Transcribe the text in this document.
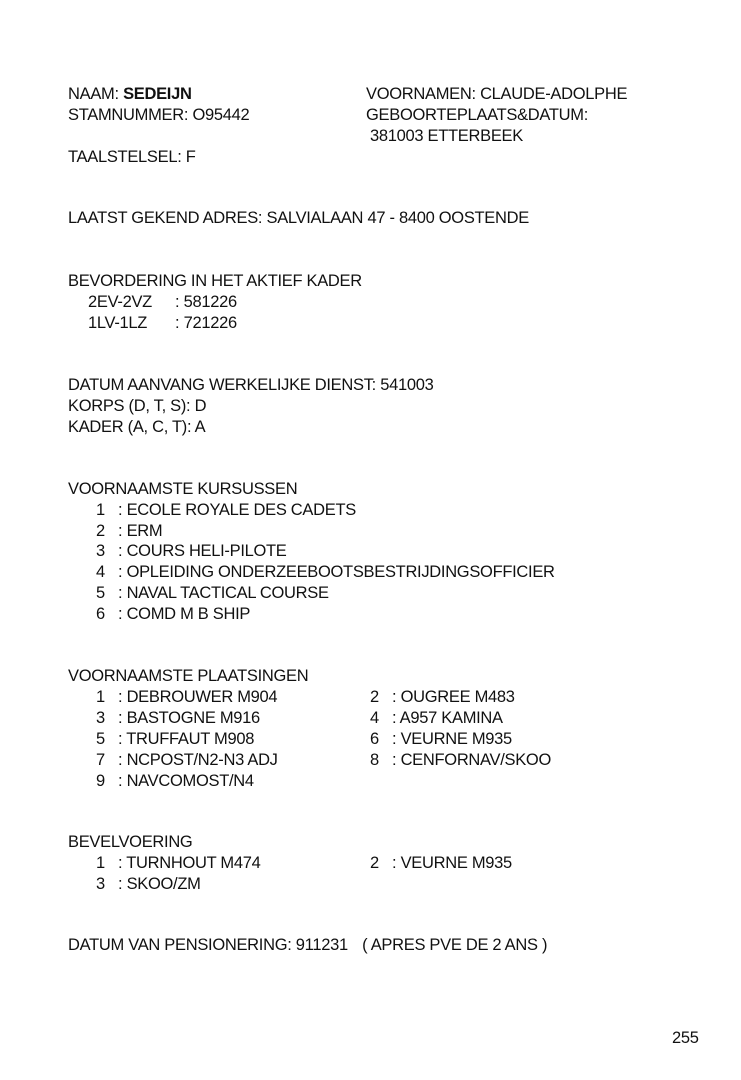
NAAM: SEDEIJN	VOORNAMEN: CLAUDE-ADOLPHE
STAMNUMMER: O95442	GEBOORTEPLAATS&DATUM:
381003 ETTERBEEK
TAALSTELSEL: F
LAATST GEKEND ADRES: SALVIALAAN 47 - 8400 OOSTENDE
BEVORDERING IN HET AKTIEF KADER
2EV-2VZ : 581226
1LV-1LZ : 721226
DATUM AANVANG WERKELIJKE DIENST: 541003
KORPS (D, T, S): D
KADER (A, C, T): A
VOORNAAMSTE KURSUSSEN
1 : ECOLE ROYALE DES CADETS
2 : ERM
3 : COURS HELI-PILOTE
4 : OPLEIDING ONDERZEEBOOTSBESTRIJDINGSOFFICIER
5 : NAVAL TACTICAL COURSE
6 : COMD M B SHIP
VOORNAAMSTE PLAATSINGEN
1 : DEBROUWER M904	2 : OUGREE M483
3 : BASTOGNE M916	4 : A957 KAMINA
5 : TRUFFAUT M908	6 : VEURNE M935
7 : NCPOST/N2-N3 ADJ	8 : CENFORNAV/SKOO
9 : NAVCOMOST/N4
BEVELVOERING
1 : TURNHOUT M474	2 : VEURNE M935
3 : SKOO/ZM
DATUM VAN PENSIONERING: 911231 ( APRES PVE DE 2 ANS )
255
